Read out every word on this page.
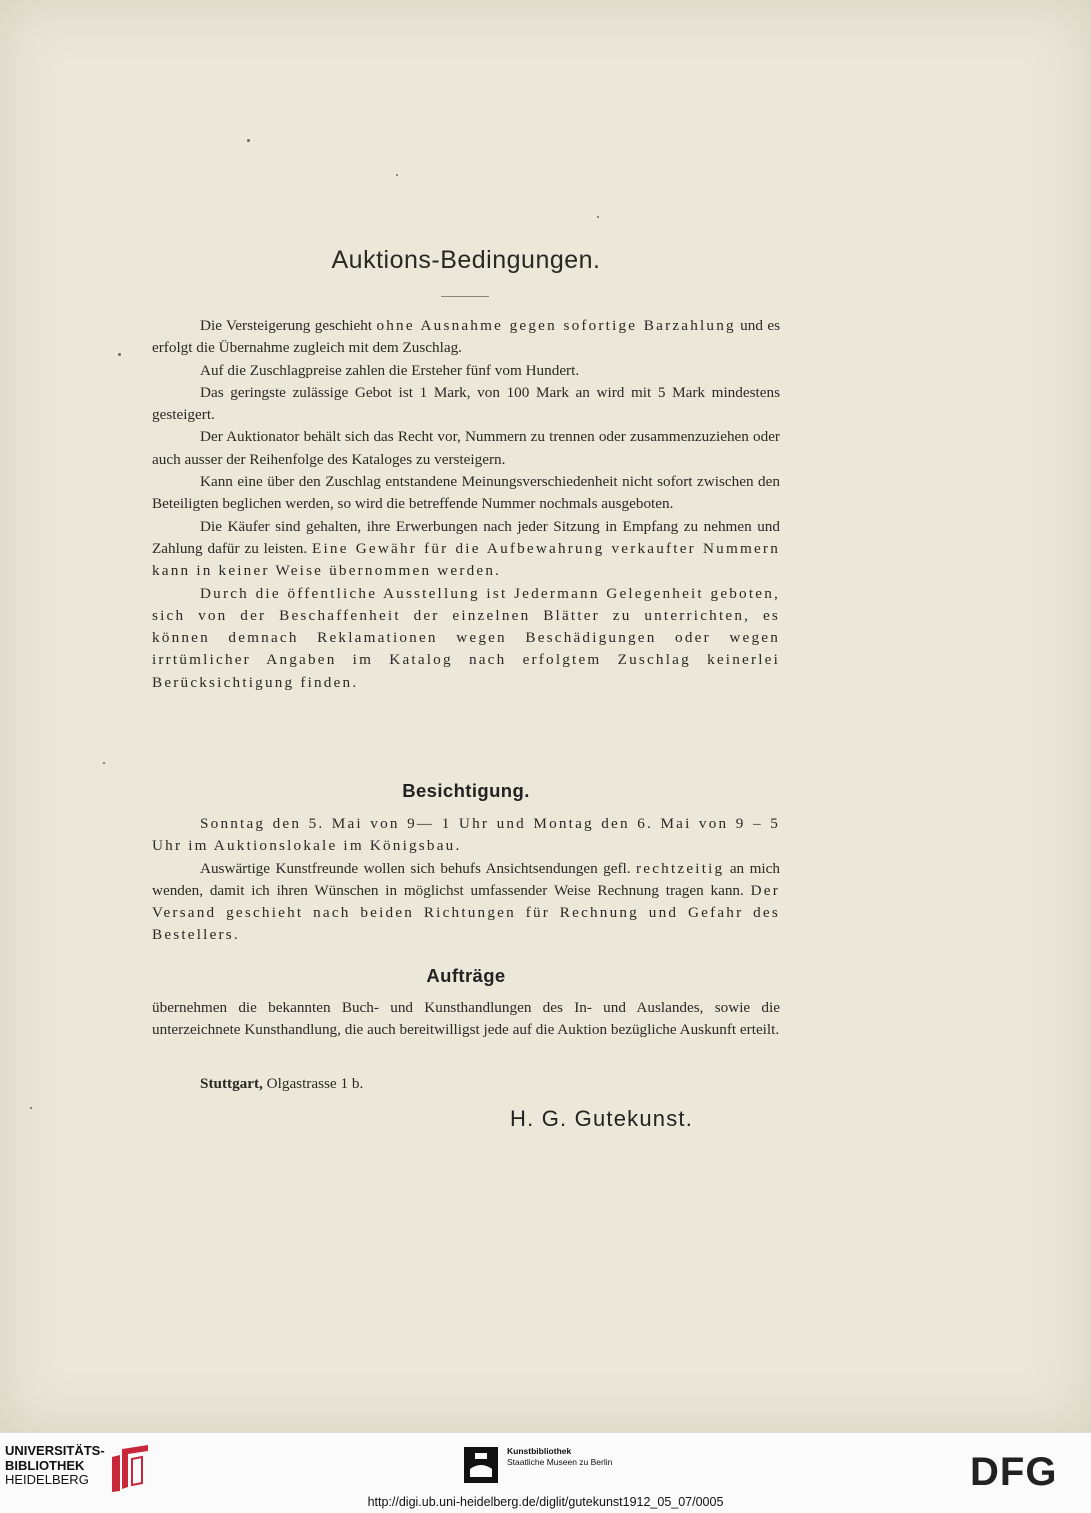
Auktions-Bedingungen.

Die Versteigerung geschieht ohne Ausnahme gegen sofortige Barzahlung und es erfolgt die Übernahme zugleich mit dem Zuschlag.

Auf die Zuschlagpreise zahlen die Ersteher fünf vom Hundert.

Das geringste zulässige Gebot ist 1 Mark, von 100 Mark an wird mit 5 Mark mindestens gesteigert.

Der Auktionator behält sich das Recht vor, Nummern zu trennen oder zusammenzuziehen oder auch ausser der Reihenfolge des Kataloges zu versteigern.

Kann eine über den Zuschlag entstandene Meinungsverschiedenheit nicht sofort zwischen den Beteiligten beglichen werden, so wird die betreffende Nummer nochmals ausgeboten.

Die Käufer sind gehalten, ihre Erwerbungen nach jeder Sitzung in Empfang zu nehmen und Zahlung dafür zu leisten. Eine Gewähr für die Aufbewahrung verkaufter Nummern kann in keiner Weise übernommen werden.

Durch die öffentliche Ausstellung ist Jedermann Gelegenheit geboten, sich von der Beschaffenheit der einzelnen Blätter zu unterrichten, es können demnach Reklamationen wegen Beschädigungen oder wegen irrtümlicher Angaben im Katalog nach erfolgtem Zuschlag keinerlei Berücksichtigung finden.

Besichtigung.

Sonntag den 5. Mai von 9— 1 Uhr und Montag den 6. Mai von 9 – 5 Uhr im Auktionslokale im Königsbau.

Auswärtige Kunstfreunde wollen sich behufs Ansichtsendungen gefl. rechtzeitig an mich wenden, damit ich ihren Wünschen in möglichst umfassender Weise Rechnung tragen kann. Der Versand geschieht nach beiden Richtungen für Rechnung und Gefahr des Bestellers.

Aufträge

übernehmen die bekannten Buch- und Kunsthandlungen des In- und Auslandes, sowie die unterzeichnete Kunsthandlung, die auch bereitwilligst jede auf die Auktion bezügliche Auskunft erteilt.

Stuttgart, Olgastrasse 1 b.
H. G. Gutekunst.
UNIVERSITÄTS-
BIBLIOTHEK
HEIDELBERG
Kunstbibliothek
Staatliche Museen zu Berlin	DFG
http://digi.ub.uni-heidelberg.de/diglit/gutekunst1912_05_07/0005
